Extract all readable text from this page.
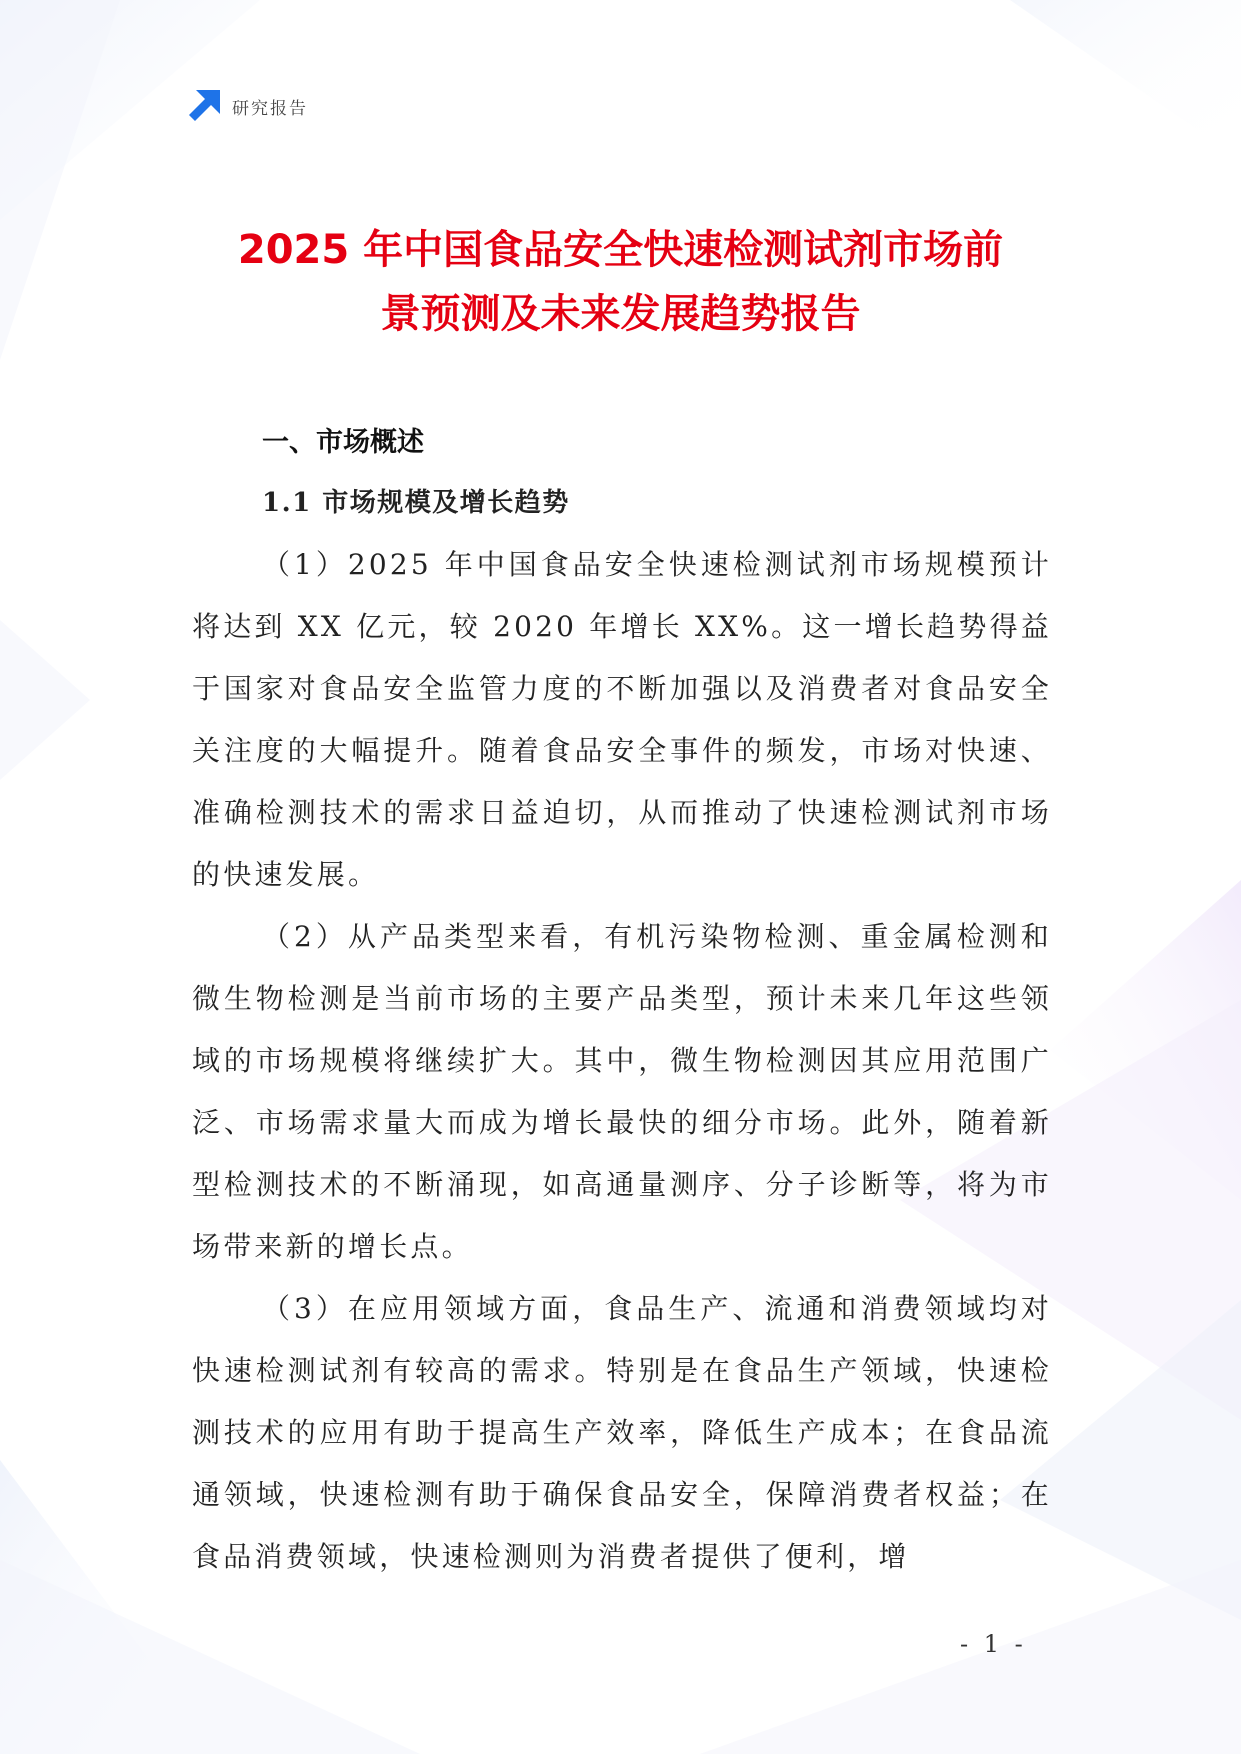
研究报告
2025 年中国食品安全快速检测试剂市场前
景预测及未来发展趋势报告
一、市场概述
1.1 市场规模及增长趋势

（1）2025 年中国食品安全快速检测试剂市场规模预计将达到 XX 亿元，较 2020 年增长 XX%。这一增长趋势得益于国家对食品安全监管力度的不断加强以及消费者对食品安全关注度的大幅提升。随着食品安全事件的频发，市场对快速、准确检测技术的需求日益迫切，从而推动了快速检测试剂市场的快速发展。

（2）从产品类型来看，有机污染物检测、重金属检测和微生物检测是当前市场的主要产品类型，预计未来几年这些领域的市场规模将继续扩大。其中，微生物检测因其应用范围广泛、市场需求量大而成为增长最快的细分市场。此外，随着新型检测技术的不断涌现，如高通量测序、分子诊断等，将为市场带来新的增长点。

（3）在应用领域方面，食品生产、流通和消费领域均对快速检测试剂有较高的需求。特别是在食品生产领域，快速检测技术的应用有助于提高生产效率，降低生产成本；在食品流通领域，快速检测有助于确保食品安全，保障消费者权益；在食品消费领域，快速检测则为消费者提供了便利，增

- 1 -
